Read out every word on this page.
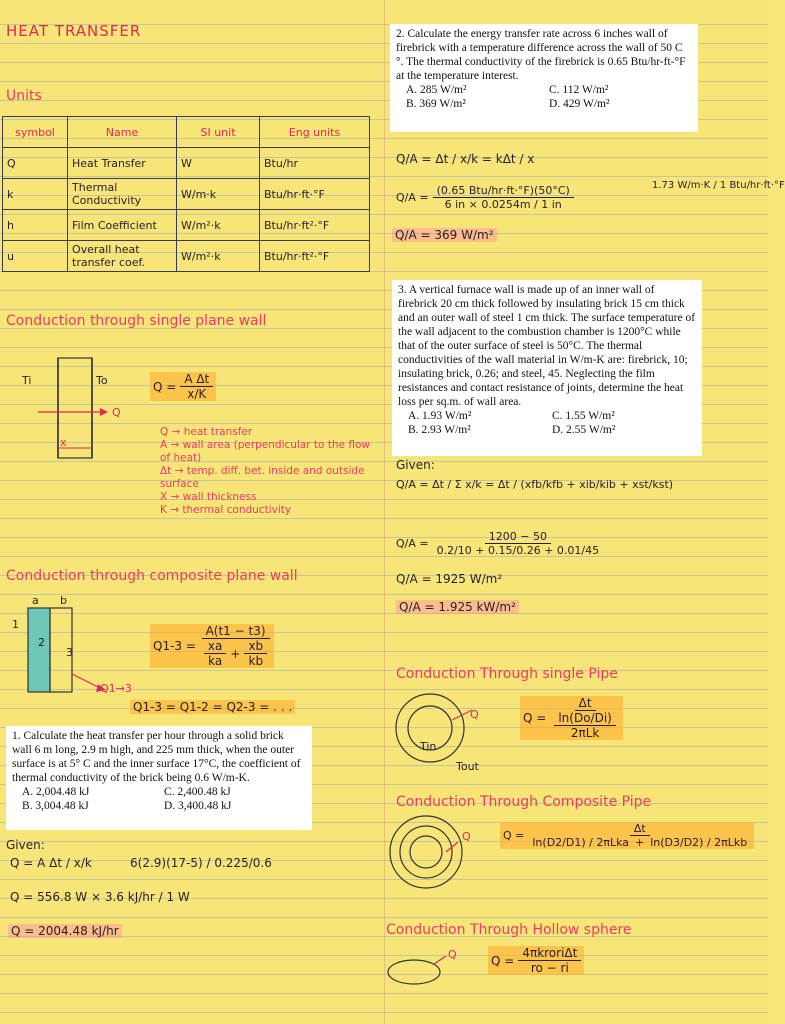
HEAT TRANSFER
Units
symbol	Name	SI unit	Eng units
Q	Heat Transfer	W	Btu/hr
k	Thermal Conductivity	W/m·k	Btu/hr·ft·°F
h	Film Coefficient	W/m²·k	Btu/hr·ft²·°F
u	Overall heat transfer coef.	W/m²·k	Btu/hr·ft²·°F
Conduction through single plane wall
Ti	To
Q
x
$Q = \frac{\text{A Δt}}{x/K}$
Q → heat transfer
A → wall area (perpendicular to the flow of heat)
Δt → temp. diff. bet. inside and outside surface
X → wall thickness
K → thermal conductivity
Conduction through composite plane wall
a b
1
2
3
Q1→3
$Q1-3 = \frac{A(t1 - t3)}{\frac{xa}{ka} + \frac{xb}{kb}}$
Q1-3 = Q1-2 = Q2-3 = . . .

1. Calculate the heat transfer per hour through a solid brick wall 6 m long, 2.9 m high, and 225 mm thick, when the outer surface is at 5° C and the inner surface 17°C, the coefficient of thermal conductivity of the brick being 0.6 W/m-K.

A. 2,004.48 kJ	C. 2,400.48 kJ
B. 3,004.48 kJ	D. 3,400.48 kJ
Given:
Q = A Δt / x/k	6(2.9)(17-5) / 0.225/0.6
Q = 556.8 W × 3.6 kJ/hr / 1 W
Q = 2004.48 kJ/hr

2. Calculate the energy transfer rate across 6 inches wall of firebrick with a temperature difference across the wall of 50 C °. The thermal conductivity of the firebrick is 0.65 Btu/hr-ft-°F at the temperature interest.

A. 285 W/m²	C. 112 W/m²
B. 369 W/m²	D. 429 W/m²
Q/A = Δt / x/k = kΔt / x
$Q/A = \frac{\text{(0.65 Btu/hr·ft·°F)(50°C)}}{6 in \times 0.0254m / 1 in}$	1.73 W/m·K / 1 Btu/hr·ft·°F
Q/A = 369 W/m²

3. A vertical furnace wall is made up of an inner wall of firebrick 20 cm thick followed by insulating brick 15 cm thick and an outer wall of steel 1 cm thick. The surface temperature of the wall adjacent to the combustion chamber is 1200°C while that of the outer surface of steel is 50°C. The thermal conductivities of the wall material in W/m-K are: firebrick, 10; insulating brick, 0.26; and steel, 45. Neglecting the film resistances and contact resistance of joints, determine the heat loss per sq.m. of wall area.

A. 1.93 W/m²	C. 1.55 W/m²
B. 2.93 W/m²	D. 2.55 W/m²
Given:
Q/A = Δt / Σ x/k = Δt / (xfb/kfb + xib/kib + xst/kst)
$Q/A = \frac{1200 - 50}{0.2/10 + 0.15/0.26 + 0.01/45}$
Q/A = 1925 W/m²
Q/A = 1.925 kW/m²
Conduction Through single Pipe
Tin
Tout
Q	Q = Δt
ln(Do/Di)
2πLk
Conduction Through Composite Pipe
Q	$Q = \frac{\Delta t}{\text{ln(D2/D1) / 2πLka + ln(D3/D2) / 2πLkb}}$
Conduction Through Hollow sphere
Q	$Q = \frac{\text{4πkroriΔt}}{ro - ri}$
